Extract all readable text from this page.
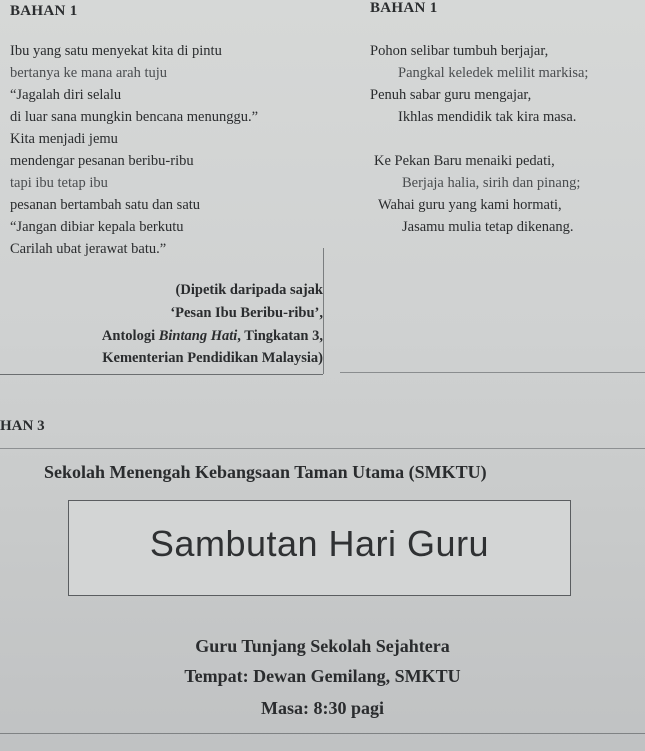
BAHAN 1	BAHAN 1
Ibu yang satu menyekat kita di pintu
bertanya ke mana arah tuju
“Jagalah diri selalu
di luar sana mungkin bencana menunggu.”
Kita menjadi jemu
mendengar pesanan beribu-ribu
tapi ibu tetap ibu
pesanan bertambah satu dan satu
“Jangan dibiar kepala berkutu
Carilah ubat jerawat batu.”
Pohon selibar tumbuh berjajar,
Pangkal keledek melilit markisa;
Penuh sabar guru mengajar,
Ikhlas mendidik tak kira masa.
Ke Pekan Baru menaiki pedati,
Berjaja halia, sirih dan pinang;
Wahai guru yang kami hormati,
Jasamu mulia tetap dikenang.
(Dipetik daripada sajak
‘Pesan Ibu Beribu-ribu’,
Antologi Bintang Hati, Tingkatan 3,
Kementerian Pendidikan Malaysia)
HAN 3
Sekolah Menengah Kebangsaan Taman Utama (SMKTU)
Sambutan Hari Guru
Guru Tunjang Sekolah Sejahtera
Tempat: Dewan Gemilang, SMKTU
Masa: 8:30 pagi
